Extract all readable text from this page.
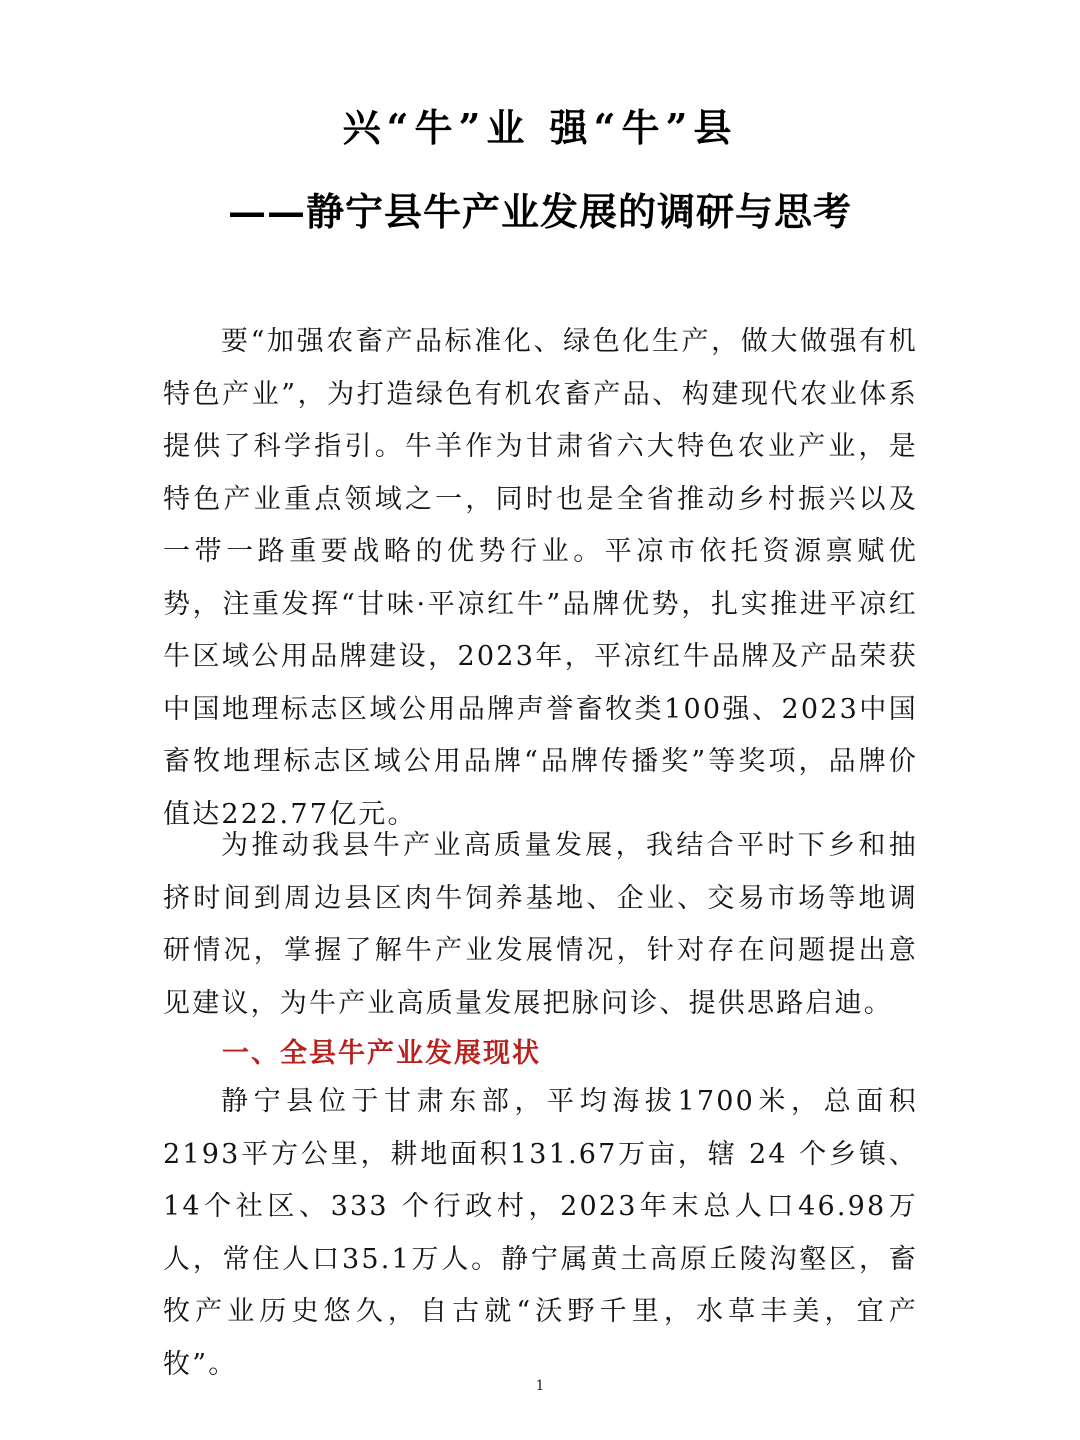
兴“牛”业 强“牛”县
——静宁县牛产业发展的调研与思考

要“加强农畜产品标准化、绿色化生产，做大做强有机特色产业”，为打造绿色有机农畜产品、构建现代农业体系提供了科学指引。牛羊作为甘肃省六大特色农业产业，是特色产业重点领域之一，同时也是全省推动乡村振兴以及一带一路重要战略的优势行业。平凉市依托资源禀赋优势，注重发挥“甘味·平凉红牛”品牌优势，扎实推进平凉红牛区域公用品牌建设，2023年，平凉红牛品牌及产品荣获中国地理标志区域公用品牌声誉畜牧类100强、2023中国畜牧地理标志区域公用品牌“品牌传播奖”等奖项，品牌价值达222.77亿元。

为推动我县牛产业高质量发展，我结合平时下乡和抽挤时间到周边县区肉牛饲养基地、企业、交易市场等地调研情况，掌握了解牛产业发展情况，针对存在问题提出意见建议，为牛产业高质量发展把脉问诊、提供思路启迪。

一、全县牛产业发展现状

静宁县位于甘肃东部，平均海拔1700米，总面积2193平方公里，耕地面积131.67万亩，辖 24 个乡镇、14个社区、333 个行政村，2023年末总人口46.98万人，常住人口35.1万人。静宁属黄土高原丘陵沟壑区，畜牧产业历史悠久，自古就“沃野千里，水草丰美，宜产牧”。

1
